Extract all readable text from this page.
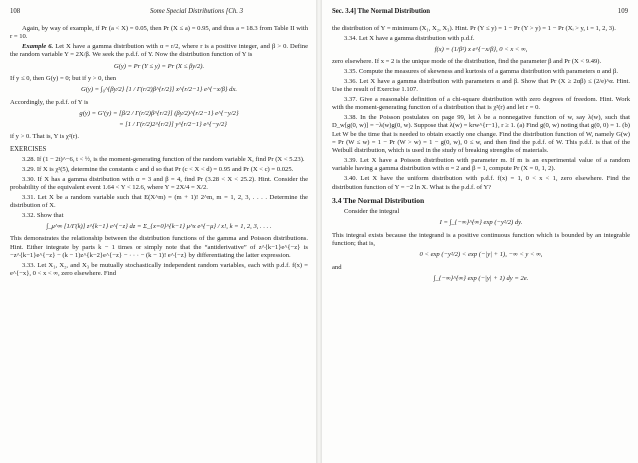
108	Some Special Distributions [Ch. 3

Again, by way of example, if Pr (a < X) = 0.05, then Pr (X ≤ a) = 0.95, and thus a = 18.3 from Table II with r = 10.

Example 6. Let X have a gamma distribution with α = r/2, where r is a positive integer, and β > 0. Define the random variable Y = 2X/β. We seek the p.d.f. of Y. Now the distribution function of Y is

G(y) = Pr (Y ≤ y) = Pr (X ≤ βy/2).

If y ≤ 0, then G(y) = 0; but if y > 0, then

G(y) = ∫₀^{βy/2} [1 / Γ(r/2)β^{r/2}] x^{r/2−1} e^{−x/β} dx.

Accordingly, the p.d.f. of Y is

g(y) = G′(y) = [β/2 / Γ(r/2)β^{r/2}] (βy/2)^{r/2−1} e^{−y/2}
= [1 / Γ(r/2)2^{r/2}] y^{r/2−1} e^{−y/2}

if y > 0. That is, Y is χ²(r).

EXERCISES

3.28. If (1 − 2t)^−6, t < ½, is the moment-generating function of the random variable X, find Pr (X < 5.23).

3.29. If X is χ²(5), determine the constants c and d so that Pr (c < X < d) = 0.95 and Pr (X < c) = 0.025.

3.30. If X has a gamma distribution with α = 3 and β = 4, find Pr (3.28 < X < 25.2). Hint. Consider the probability of the equivalent event 1.64 < Y < 12.6, where Y = 2X/4 = X/2.

3.31. Let X be a random variable such that E(X^m) = (m + 1)! 2^m, m = 1, 2, 3, . . . . Determine the distribution of X.

3.32. Show that

∫_μ^∞ [1/Γ(k)] z^{k−1} e^{−z} dz = Σ_{x=0}^{k−1} μ^x e^{−μ} / x!, k = 1, 2, 3, . . . .

This demonstrates the relationship between the distribution functions of the gamma and Poisson distributions. Hint. Either integrate by parts k − 1 times or simply note that the “antiderivative” of z^{k−1}e^{−z} is −z^{k−1}e^{−z} − (k − 1)z^{k−2}e^{−z} − · · · − (k − 1)! e^{−z} by differentiating the latter expression.

3.33. Let X₁, X₂, and X₃ be mutually stochastically independent random variables, each with p.d.f. f(x) = e^{−x}, 0 < x < ∞, zero elsewhere. Find

Sec. 3.4] The Normal Distribution	109

the distribution of Y = minimum (X₁, X₂, X₃). Hint. Pr (Y ≤ y) = 1 − Pr (Y > y) = 1 − Pr (Xᵢ > y, i = 1, 2, 3).

3.34. Let X have a gamma distribution with p.d.f.

f(x) = (1/β²) x e^{−x/β}, 0 < x < ∞,

zero elsewhere. If x = 2 is the unique mode of the distribution, find the parameter β and Pr (X < 9.49).

3.35. Compute the measures of skewness and kurtosis of a gamma distribution with parameters α and β.

3.36. Let X have a gamma distribution with parameters α and β. Show that Pr (X ≥ 2αβ) ≤ (2/e)^α. Hint. Use the result of Exercise 1.107.

3.37. Give a reasonable definition of a chi-square distribution with zero degrees of freedom. Hint. Work with the moment-generating function of a distribution that is χ²(r) and let r = 0.

3.38. In the Poisson postulates on page 99, let λ be a nonnegative function of w, say λ(w), such that D_w[g(0, w)] = −λ(w)g(0, w). Suppose that λ(w) = krw^{r−1}, r ≥ 1. (a) Find g(0, w) noting that g(0, 0) = 1. (b) Let W be the time that is needed to obtain exactly one change. Find the distribution function of W, namely G(w) = Pr (W ≤ w) = 1 − Pr (W > w) = 1 − g(0, w), 0 ≤ w, and then find the p.d.f. of W. This p.d.f. is that of the Weibull distribution, which is used in the study of breaking strengths of materials.

3.39. Let X have a Poisson distribution with parameter m. If m is an experimental value of a random variable having a gamma distribution with α = 2 and β = 1, compute Pr (X = 0, 1, 2).

3.40. Let X have the uniform distribution with p.d.f. f(x) = 1, 0 < x < 1, zero elsewhere. Find the distribution function of Y = −2 ln X. What is the p.d.f. of Y?

3.4 The Normal Distribution

Consider the integral

I = ∫_{−∞}^{∞} exp (−y²/2) dy.

This integral exists because the integrand is a positive continuous function which is bounded by an integrable function; that is,

0 < exp (−y²/2) < exp (−|y| + 1), −∞ < y < ∞,

and

∫_{−∞}^{∞} exp (−|y| + 1) dy = 2e.
